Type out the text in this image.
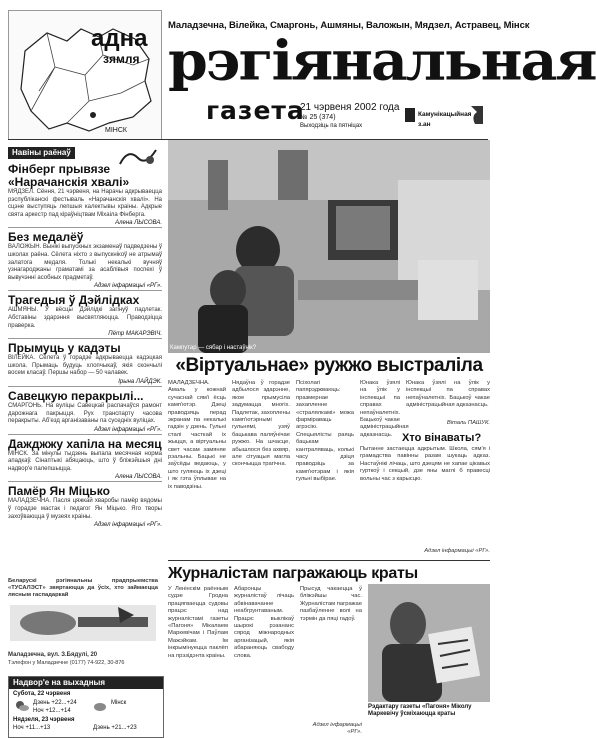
адна
зямля
МІНСК
Маладзечна, Вілейка, Смаргонь, Ашмяны, Валожын, Мядзел, Астравец, Мінск
рэгіянальная
газета
21 чэрвеня 2002 года
№ 25 (374)
Выходзіць па пятніцах
Камунікацыйная з.ан
Навіны раёнаў
Фінберг прывязе «Нарачанскія хвалі»
МЯДЗЕЛ. Сёння, 21 чэрвеня, на Нарачы адкрываецца рэспубліканскі фестываль «Нарачанскія хвалі». На сцэне выступяць лепшыя калектывы краіны. Адкрые свята аркестр пад кіраўніцтвам Міхаіла Фінберга.
Алена ЛЫСОВА.
Без медалёў
ВАЛОЖЫН. Вынікі выпускных экзаменаў падведзены ў школах раёна. Сёлета ніхто з выпускнікоў не атрымаў залатога медаля. Толькі некалькі вучняў узнагароджаны граматамі за асаблівыя поспехі ў вывучэнні асобных прадметаў.
Адзел інфармацыі «РГ».
Трагедыя ў Дэйлідках
АШМЯНЫ. У вёсцы Дэйлідкі загінуў падлетак. Абставіны здарэння высвятляюцца. Праводзіцца праверка.
Пётр МАКАРЭВІЧ.
Прымуць у кадэты
ВІЛЕЙКА. Сёлета ў горадзе адкрываецца кадэцкая школа. Прымаць будуць хлопчыкаў, якія скончылі восем класаў. Першы набор — 50 чалавек.
Ірына ЛАЙДЭК.
Савецкую перакрылі...
СМАРГОНЬ. На вуліцы Савецкай распачаўся рамонт дарожнага пакрыцця. Рух транспарту часова перакрыты. Аб'езд арганізаваны па суседніх вуліцах.
Адзел інфармацыі «РГ».
Даждж‌жу хапіла на месяц
МІНСК. За мінулы тыдзень выпала месячная норма ападкаў. Сінаптыкі абяцаюць, што ў бліжэйшыя дні надвор'е палепшыцца.
Алена ЛЫСОВА.
Памёр Ян Міцько
МАЛАДЗЕЧНА. Пасля цяжкай хваробы памёр вядомы ў горадзе мастак і педагог Ян Міцько. Яго творы захоўваюцца ў музеях краіны.
Адзел інфармацыі «РГ».
Беларускі рэгіянальны прадпрыемства «ТУСАЛЭСТ» звяртаюцца да ўсіх, хто займаецца лясным гаспадаркай
Маладзечна, вул. З.Бядулі, 20
Тэлефон у Маладзечне (0177) 74-922, 30-876
Надвор'е на выхадныя
Субота, 22 чэрвеня
Дзень +22...+24
Ноч +12...+14
Нядзеля, 23 чэрвеня
Мінск
Дзень +21...+23
Ноч +11...+13
Кампутар — сябар і настаўнік?
«Віртуальнае» ружжо выстраліла
МАЛАДЗЕЧНА. Амаль у кожнай сучаснай сям'і ёсць камп'ютэр. Дзеці праводзяць перад экранам па некалькі гадзін у дзень. Гульні сталі часткай іх жыцця, а віртуальны свет часам замяняе рэальны. Бацькі не заўсёды ведаюць, у што гуляюць іх дзеці і як гэта ўплывае на іх паводзіны.
Нядаўна ў горадзе адбылося здарэнне, якое прымусіла задумацца многіх. Падлетак, захоплены камп'ютэрнымі гульнямі, узяў бацькава паляўнічае ружжо. На шчасце, абышлося без ахвяр, але сітуацыя магла скончыцца трагічна.
Псіхолагі папярэджваюць: празмернае захапленне «стралялкамі» можа фарміраваць агрэсію. Спецыялісты раяць бацькам кантраляваць, колькі часу дзіця праводзіць за камп'ютэрам і якія гульні выбірае.
Юнака ўзялі на ўлік у інспекцыі па справах непаўналетніх. Бацькоў чакае адміністрацыйная адказнасць.
Юнака ўзялі на ўлік у інспекцыі па справах непаўналетніх. Бацькоў чакае адміністрацыйная адказнасць.
Віталь ПАШУК.
Хто вінаваты?
Пытанне застаецца адкрытым. Школа, сям'я і грамадства павінны разам шукаць адказ. Настаўнікі лічаць, што дзецям не хапае цікавых гурткоў і секцый, дзе яны маглі б правесці вольны час з карысцю.
Адзел інфармацыі «РГ».
Журналістам пагражаюць краты
У Ленінскім раённым судзе Гродна працягваецца судовы працэс над журналістамі газеты «Пагоня» Мікалаем Маркевічам і Паўлам Мажэйкам. Ім інкрымінуецца паклёп на прэзідэнта краіны.
Абаронцы журналістаў лічаць абвінавачанне неабгрунтаваным. Працэс выклікаў шырокі рэзананс сярод міжнародных арганізацый, якія абараняюць свабоду слова.
Прысуд чакаецца ў бліжэйшы час. Журналістам пагражае пазбаўленне волі на тэрмін да пяці гадоў.
Адзел інфармацыі «РГ».
Рэдактару газеты «Пагоня» Міколу Маркевічу ўсміхаюцца краты
